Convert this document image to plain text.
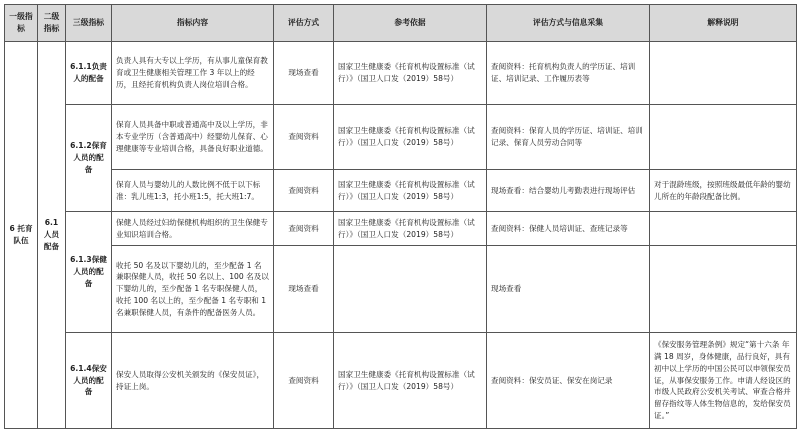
一级指标	二级指标	三级指标	指标内容	评估方式	参考依据	评估方式与信息采集	解释说明
6 托育队伍	6.1 人员配备	6.1.1负责人的配备	负责人具有大专以上学历，有从事儿童保育教育或卫生健康相关管理工作 3 年以上的经历，且经托育机构负责人岗位培训合格。	现场查看	国家卫生健康委《托育机构设置标准（试行）》（国卫人口发（2019）58号）	查阅资料：托育机构负责人的学历证、培训证、培训记录、工作履历表等	
		6.1.2保育人员的配备	保育人员具备中职或普通高中及以上学历，非本专业学历（含普通高中）经婴幼儿保育、心理健康等专业培训合格，具备良好职业道德。	查阅资料	国家卫生健康委《托育机构设置标准（试行）》（国卫人口发（2019）58号）	查阅资料：保育人员的学历证、培训证、培训记录、保育人员劳动合同等	
			保育人员与婴幼儿的人数比例不低于以下标准：乳儿班1:3，托小班1:5，托大班1:7。	查阅资料	国家卫生健康委《托育机构设置标准（试行）》（国卫人口发（2019）58号）	现场查看：结合婴幼儿考勤表进行现场评估	对于混龄班级，按照班级最低年龄的婴幼儿所在的年龄段配备比例。
		6.1.3保健人员的配备	保健人员经过妇幼保健机构组织的卫生保健专业知识培训合格。	查阅资料	国家卫生健康委《托育机构设置标准（试行）》（国卫人口发（2019）58号）	查阅资料：保健人员培训证、查班记录等	
			收托 50 名及以下婴幼儿的，至少配备 1 名兼职保健人员，收托 50 名以上、100 名及以下婴幼儿的，至少配备 1 名专职保健人员，收托 100 名以上的，至少配备 1 名专职和 1 名兼职保健人员，有条件的配备医务人员。	现场查看		现场查看	
		6.1.4保安人员的配备	保安人员取得公安机关颁发的《保安员证》，持证上岗。	查阅资料	国家卫生健康委《托育机构设置标准（试行）》（国卫人口发（2019）58号）	查阅资料：保安员证、保安在岗记录	《保安服务管理条例》规定“第十六条 年满 18 周岁，身体健康，品行良好，具有初中以上学历的中国公民可以申领保安员证，从事保安服务工作。申请人经设区的市级人民政府公安机关考试、审查合格并留存指纹等人体生物信息的，发给保安员证。”
